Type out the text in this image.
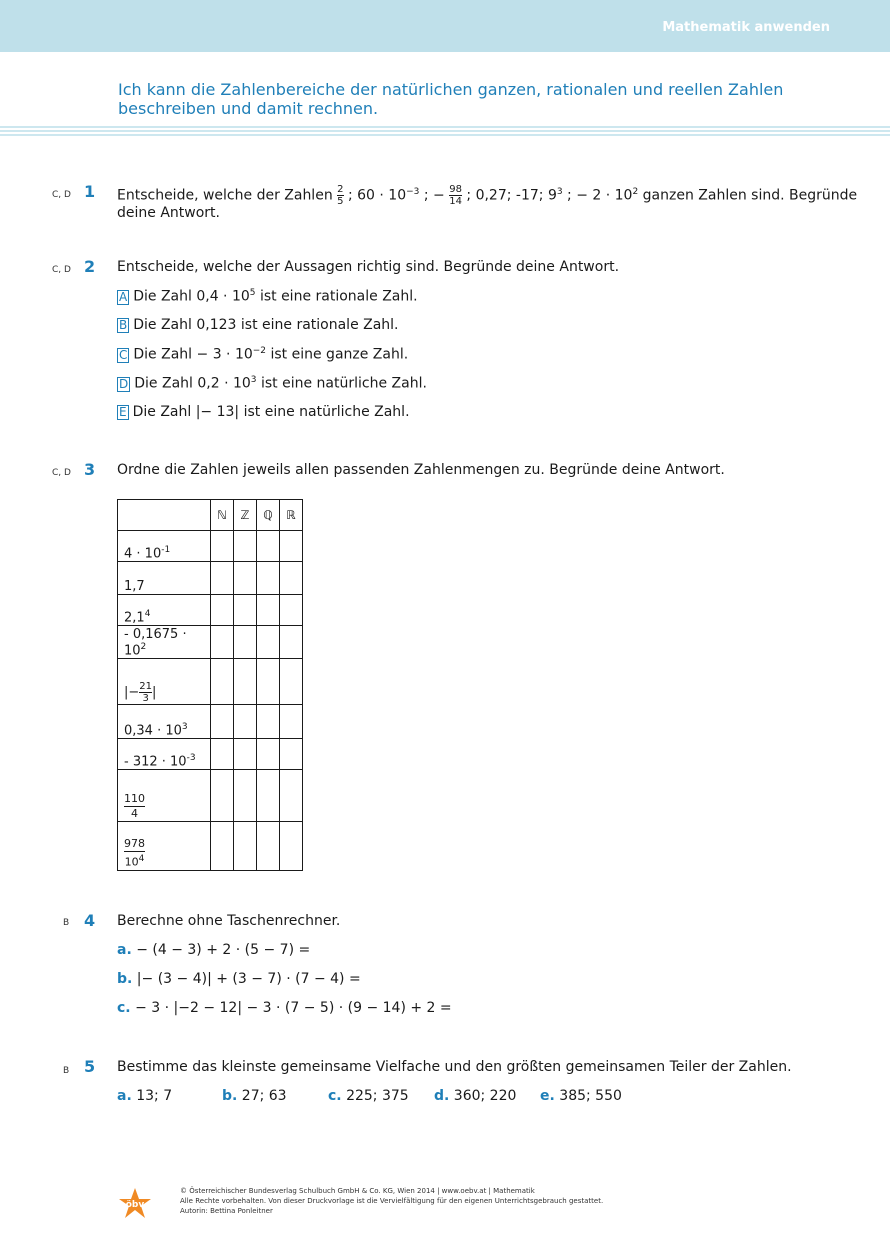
Mathematik anwenden
Ich kann die Zahlenbereiche der natürlichen ganzen, rationalen und reellen Zahlen
beschreiben und damit rechnen.
C, D 1 Entscheide, welche der Zahlen $\frac{2}{5}$ ; $60 \cdot 10^{-3}$ ; − $\frac{98}{14}$ ; 0,27; -17; $9^3$ ; − $2 \cdot 10^2$ ganzen Zahlen sind. Begründe
deine Antwort.
C, D 2 Entscheide, welche der Aussagen richtig sind. Begründe deine Antwort.
A Die Zahl $0,4 \cdot 10^5$ ist eine rationale Zahl.
B Die Zahl 0,123 ist eine rationale Zahl.
C Die Zahl − $3 \cdot 10^{-2}$ ist eine ganze Zahl.
D Die Zahl $0,2 \cdot 10^3$ ist eine natürliche Zahl.
E Die Zahl |− 13| ist eine natürliche Zahl.
C, D 3 Ordne die Zahlen jeweils allen passenden Zahlenmengen zu. Begründe deine Antwort.
	ℕ	ℤ	ℚ	ℝ
$4 \cdot 10^{-1}$				
1,7				
$2,1^4$				
- $0,1675 \cdot 10^2$				
|− $\frac{21}{3}$ |				
$0,34 \cdot 10^3$				
- $312 \cdot 10^{-3}$				

$\frac{110}{4}$

$\frac{978}{10^4}$

B 4 Berechne ohne Taschenrechner.
a. − (4 − 3) + 2 · (5 − 7) =
b. |− (3 − 4)| + (3 − 7) · (7 − 4) =
c. − 3 · |−2 − 12| − 3 · (7 − 5) · (9 − 14) + 2 =
B 5 Bestimme das kleinste gemeinsame Vielfache und den größten gemeinsamen Teiler der Zahlen.
a. 13; 7	b. 27; 63	c. 225; 375 d. 360; 220 e. 385; 550
öbv
© Österreichischer Bundesverlag Schulbuch GmbH & Co. KG, Wien 2014 | www.oebv.at | Mathematik
Alle Rechte vorbehalten. Von dieser Druckvorlage ist die Vervielfältigung für den eigenen Unterrichtsgebrauch gestattet.
Autorin: Bettina Ponleitner
